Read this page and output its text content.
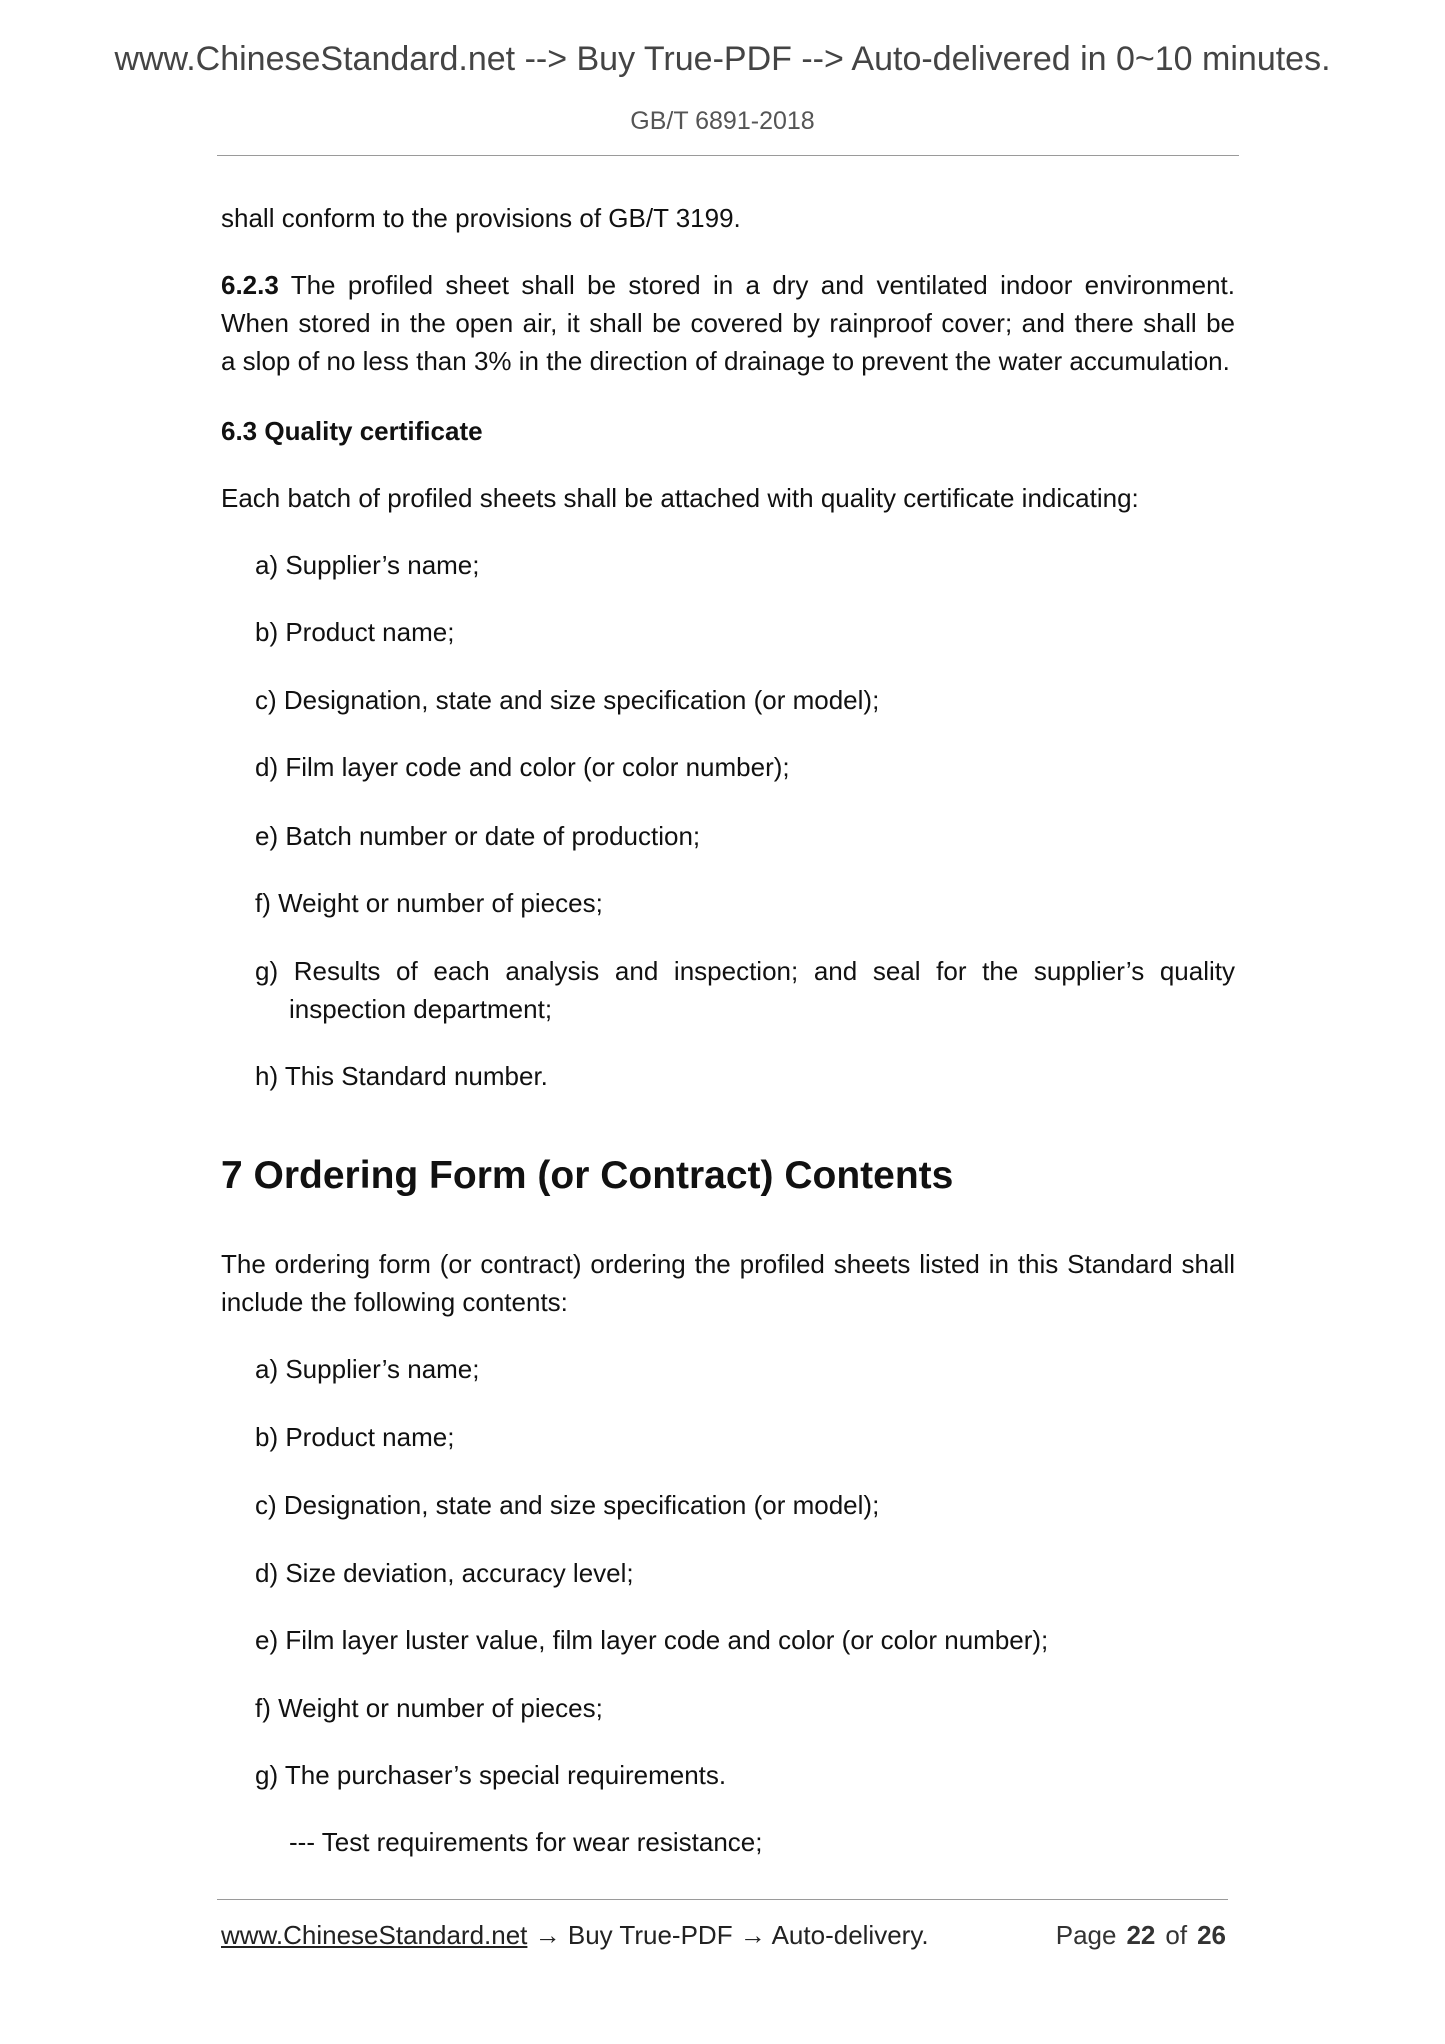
www.ChineseStandard.net --> Buy True-PDF --> Auto-delivered in 0~10 minutes.
GB/T 6891-2018
shall conform to the provisions of GB/T 3199.
6.2.3 The profiled sheet shall be stored in a dry and ventilated indoor environment.
When stored in the open air, it shall be covered by rainproof cover; and there shall be
a slop of no less than 3% in the direction of drainage to prevent the water accumulation.
6.3 Quality certificate
Each batch of profiled sheets shall be attached with quality certificate indicating:
a) Supplier’s name;
b) Product name;
c) Designation, state and size specification (or model);
d) Film layer code and color (or color number);
e) Batch number or date of production;
f) Weight or number of pieces;
g) Results of each analysis and inspection; and seal for the supplier’s quality
inspection department;
h) This Standard number.
7 Ordering Form (or Contract) Contents
The ordering form (or contract) ordering the profiled sheets listed in this Standard shall
include the following contents:
a) Supplier’s name;
b) Product name;
c) Designation, state and size specification (or model);
d) Size deviation, accuracy level;
e) Film layer luster value, film layer code and color (or color number);
f) Weight or number of pieces;
g) The purchaser’s special requirements.
--- Test requirements for wear resistance;
www.ChineseStandard.net → Buy True-PDF → Auto-delivery.	Page 22 of 26
